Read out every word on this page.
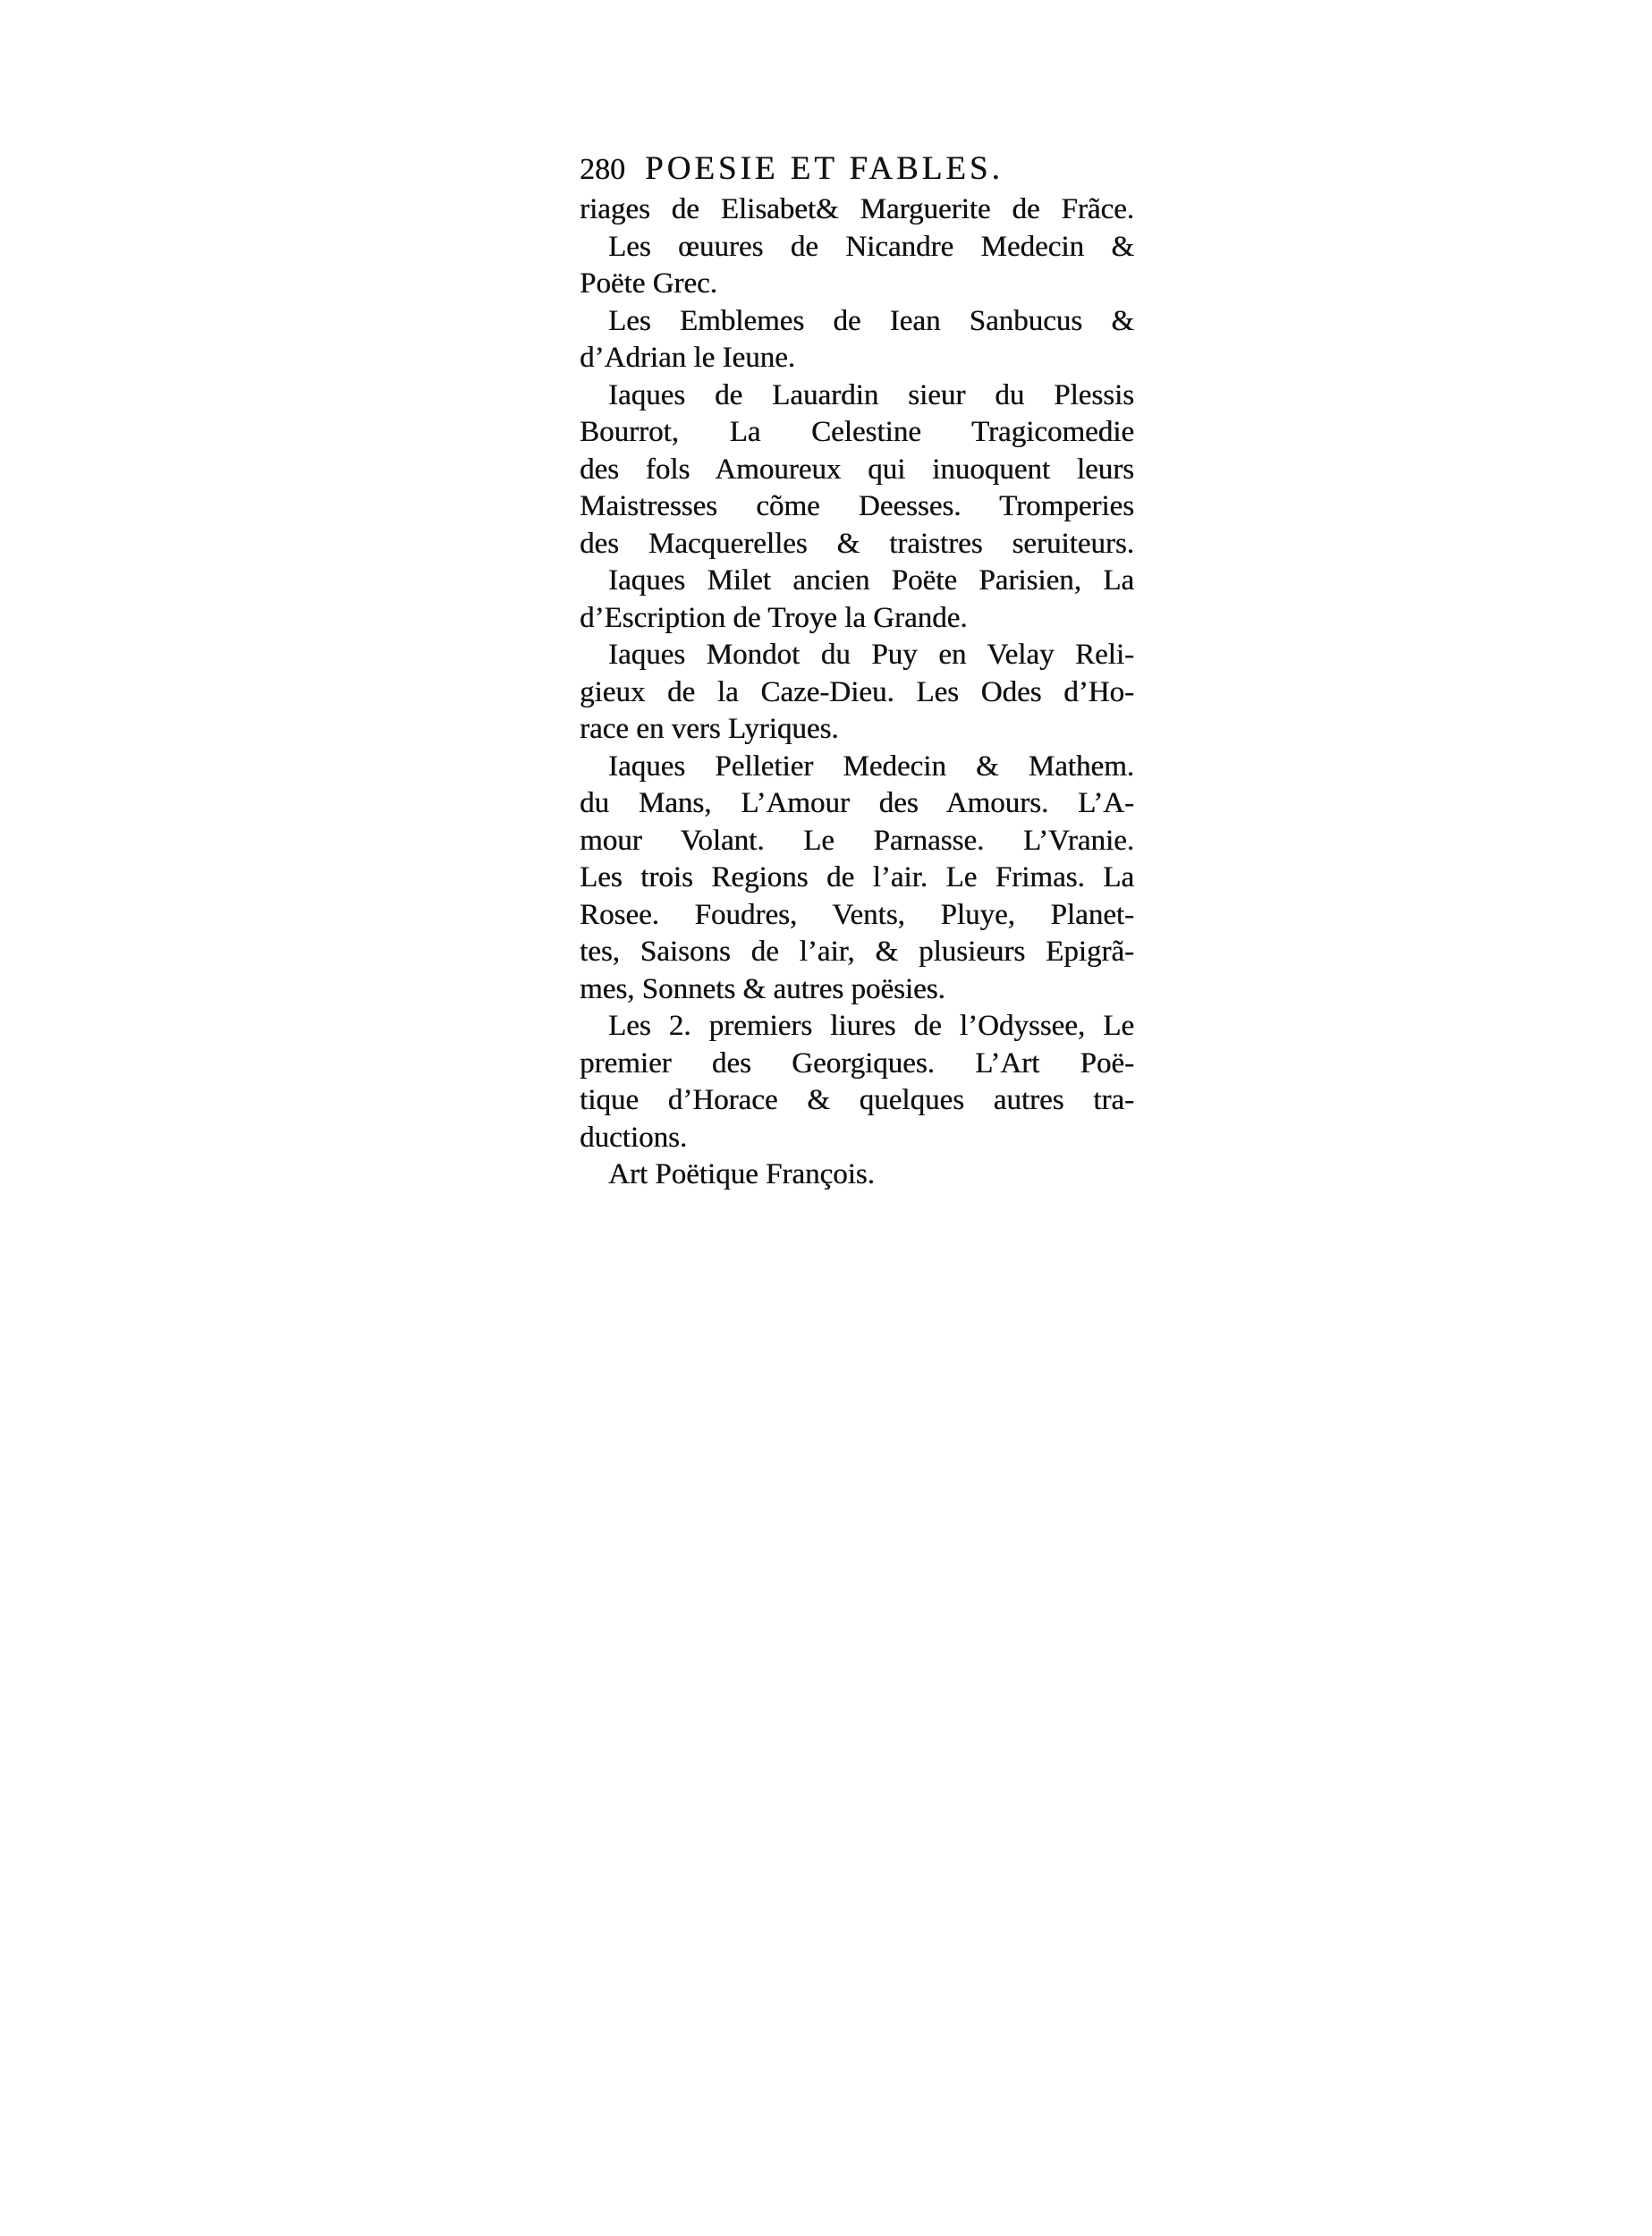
280 POESIE ET FABLES.
riages de Elisabet& Marguerite de Frãce.
Les œuures de Nicandre Medecin &
Poëte Grec.
Les Emblemes de Iean Sanbucus &
d’Adrian le Ieune.
Iaques de Lauardin sieur du Plessis
Bourrot, La Celestine Tragicomedie
des fols Amoureux qui inuoquent leurs
Maistresses cõme Deesses. Tromperies
des Macquerelles & traistres seruiteurs.
Iaques Milet ancien Poëte Parisien, La
d’Escription de Troye la Grande.
Iaques Mondot du Puy en Velay Reli-
gieux de la Caze-Dieu. Les Odes d’Ho-
race en vers Lyriques.
Iaques Pelletier Medecin & Mathem.
du Mans, L’Amour des Amours. L’A-
mour Volant. Le Parnasse. L’Vranie.
Les trois Regions de l’air. Le Frimas. La
Rosee. Foudres, Vents, Pluye, Planet-
tes, Saisons de l’air, & plusieurs Epigrã-
mes, Sonnets & autres poësies.
Les 2. premiers liures de l’Odyssee, Le
premier des Georgiques. L’Art Poë-
tique d’Horace & quelques autres tra-
ductions.
Art Poëtique François.
